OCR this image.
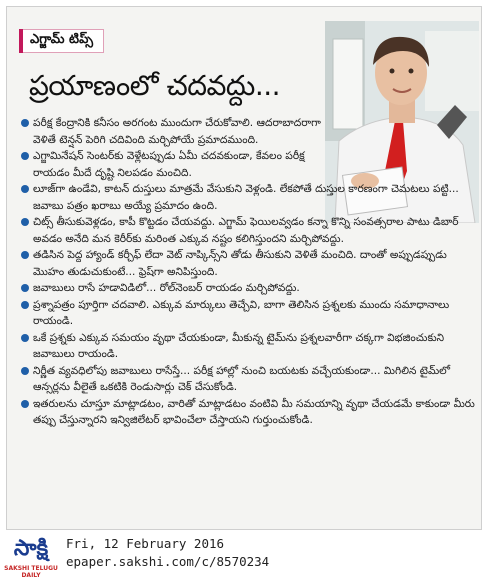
ఎగ్జామ్ టిప్స్
ప్రయాణంలో చదవద్దు...
పరీక్ష కేంద్రానికి కనీసం అరగంట ముందుగా చేరుకోవాలి. ఆదరాబాదరాగా వెళితే టెన్షన్ పెరిగి చదివింది మర్చిపోయే ప్రమాదముంది.
ఎగ్జామినేషన్ సెంటర్‌కు వెళ్లేటప్పుడు ఏమీ చదవకుండా, కేవలం పరీక్ష రాయడం మీదే దృష్టి నిలపడం మంచిది.
లూజ్‌గా ఉండేవి, కాటన్ దుస్తులు మాత్రమే వేసుకుని వెళ్లండి. లేకపోతే దుస్తుల కారణంగా చెమటలు పట్టి... జవాబు పత్రం ఖరాబు అయ్యే ప్రమాదం ఉంది.
చిట్స్ తీసుకువెళ్లడం, కాపీ కొట్టడం చేయవద్దు. ఎగ్జామ్ ఫెయిలవ్వడం కన్నా కొన్ని సంవత్సరాల పాటు డిబార్ అవడం అనేది మన కెరీర్‌కు మరింత ఎక్కువ నష్టం కలిగిస్తుందని మర్చిపోవద్దు.
తడిసిన పెద్ద హ్యాండ్ కర్చీఫ్ లేదా వెట్ నాప్కిన్స్‌ని తోడు తీసుకుని వెళితే మంచిది. దాంతో అప్పుడప్పుడు మొహం తుడుచుకుంటే... ఫ్రెష్‌గా అనిపిస్తుంది.
జవాబులు రాసే హడావిడిలో... రోల్‌నెంబర్ రాయడం మర్చిపోవద్దు.
ప్రశ్నాపత్రం పూర్తిగా చదవాలి. ఎక్కువ మార్కులు తెచ్చేవి, బాగా తెలిసిన ప్రశ్నలకు ముందు సమాధానాలు రాయండి.
ఒకే ప్రశ్నకు ఎక్కువ సమయం వృథా చేయకుండా, మీకున్న టైమ్‌ను ప్రశ్నలవారీగా చక్కగా విభజించుకుని జవాబులు రాయండి.
నిర్ణీత వ్యవధిలోపు జవాబులు రాసేస్తే... పరీక్ష హాల్లో నుంచి బయటకు వచ్చేయకుండా... మిగిలిన టైమ్‌లో ఆన్సర్లను వీలైతే ఒకటికి రెండుసార్లు చెక్ చేసుకోండి.
ఇతరులను చూస్తూ మాట్లాడటం, వారితో మాట్లాడటం వంటివి మీ సమయాన్ని వృథా చేయడమే కాకుండా మీరు తప్పు చేస్తున్నారని ఇన్విజిలేటర్ భావించేలా చేస్తాయని గుర్తుంచుకోండి.
సాక్షి
SAKSHI TELUGU DAILY
Fri, 12 February 2016
epaper.sakshi.com/c/8570234
